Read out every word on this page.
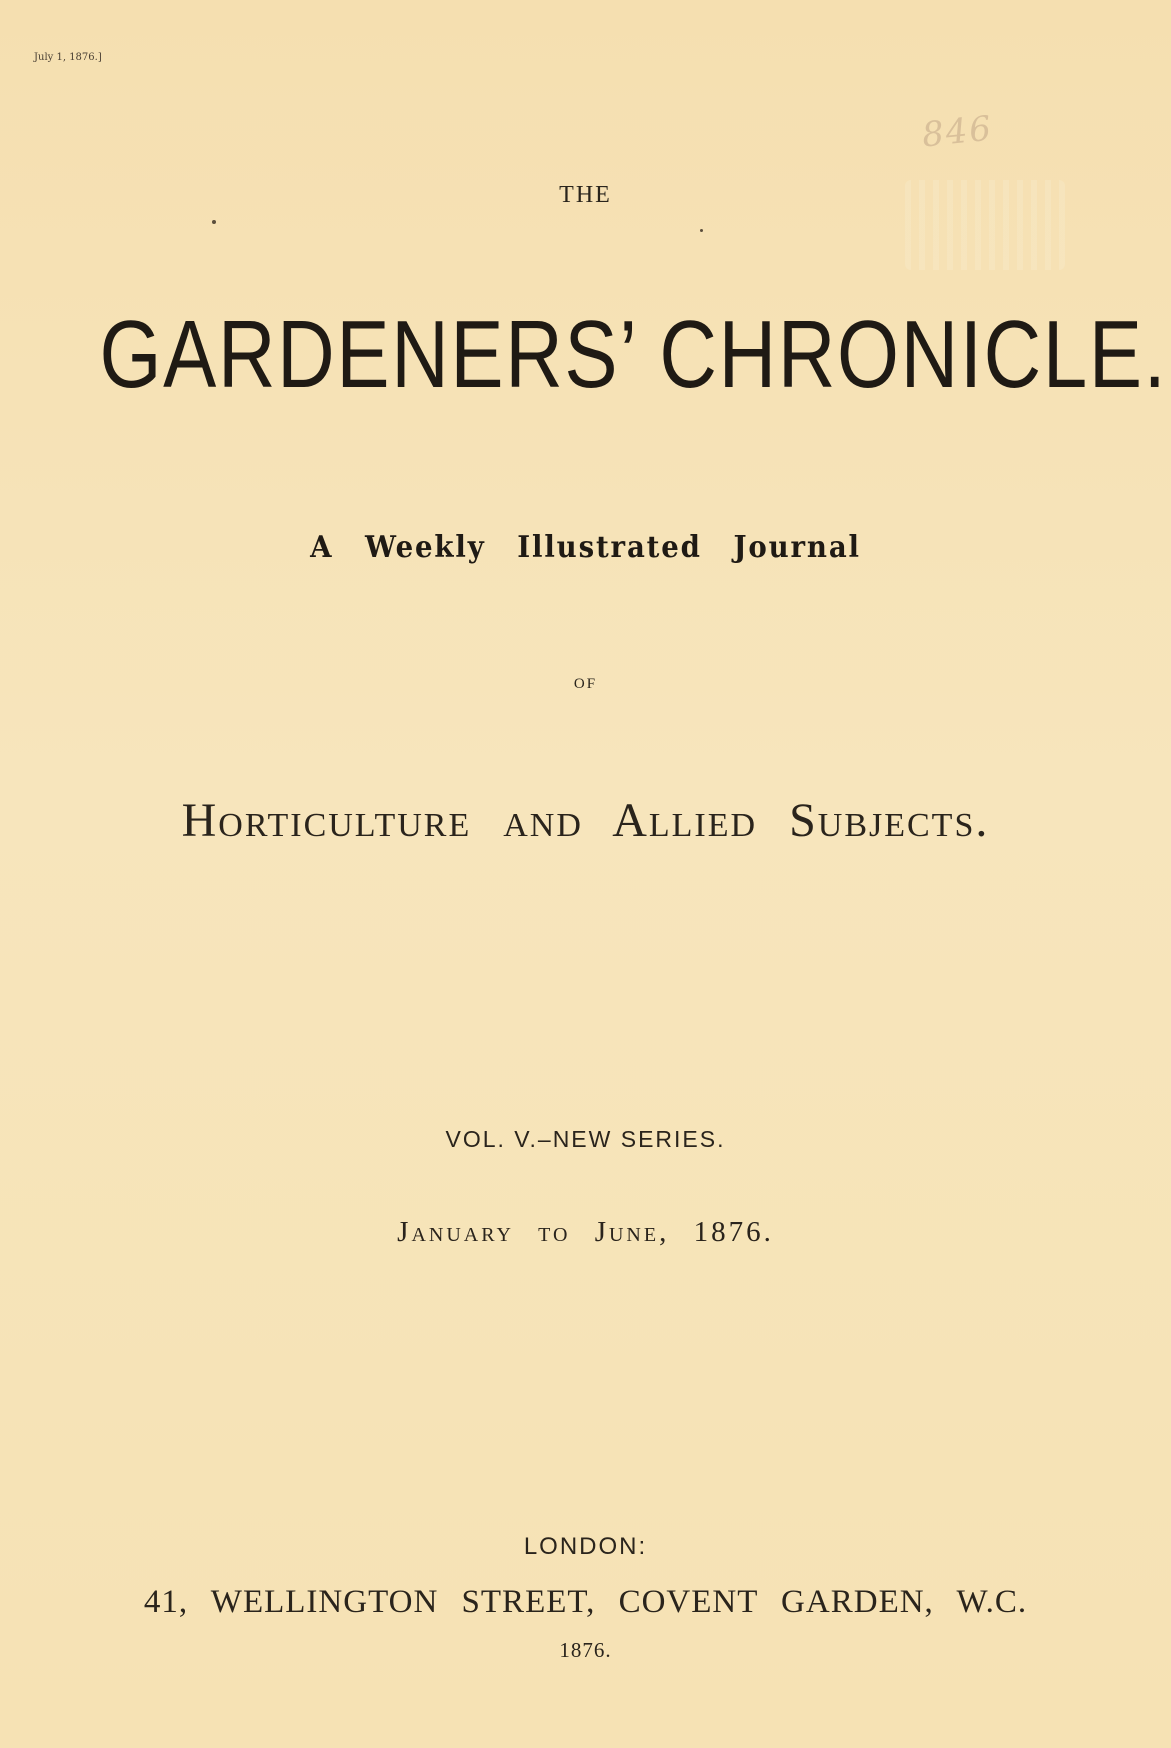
July 1, 1876.]
846
THE
GARDENERS’ CHRONICLE.
A Weekly Illustrated Journal
OF
Horticulture and Allied Subjects.
VOL. V.–NEW SERIES.
January to June, 1876.
LONDON:
41, WELLINGTON STREET, COVENT GARDEN, W.C.
1876.
